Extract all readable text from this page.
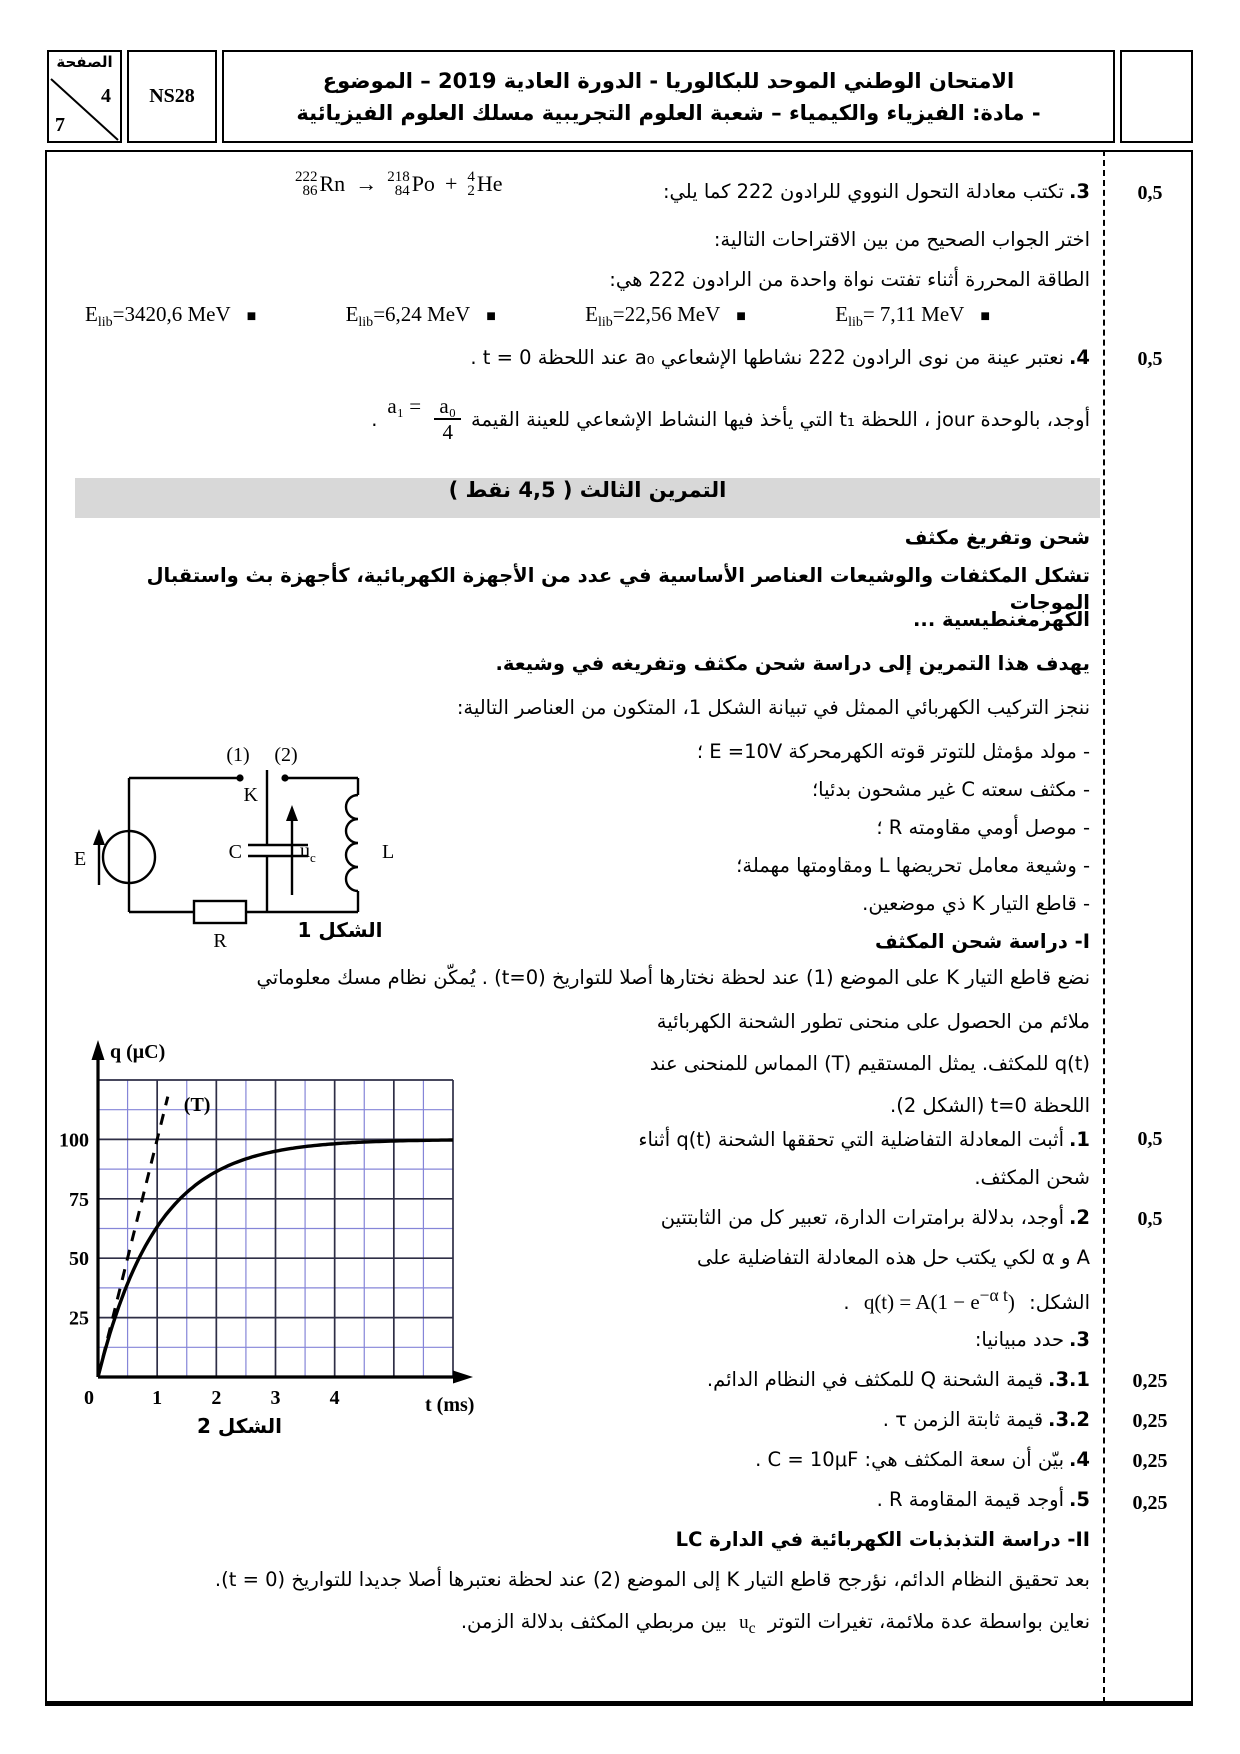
الصفحة
4
7
NS28
الامتحان الوطني الموحد للبكالوريا - الدورة العادية 2019 – الموضوع
- مادة: الفيزياء والكيمياء – شعبة العلوم التجريبية مسلك العلوم الفيزيائية
0,5
0,5
0,5
0,5
0,25
0,25
0,25
0,25
3.تكتب معادلة التحول النووي للرادون 222 كما يلي:
222
86 Rn → 218
84 Po + 4
2 He
اختر الجواب الصحيح من بين الاقتراحات التالية:
الطاقة المحررة أثناء تفتت نواة واحدة من الرادون 222 هي:
$E_{lib}=3420,6$ MeV ■	$E_{lib}=6,24$ MeV ■	$E_{lib}=22,56$ MeV ■	$E_{lib}= 7,11$ MeV ■
4.نعتبر عينة من نوى الرادون 222 نشاطها الإشعاعي a₀ عند اللحظة t = 0 .
أوجد، بالوحدة jour ، اللحظة t₁ التي يأخذ فيها النشاط الإشعاعي للعينة القيمة
$a_1 = \frac{\text{a₀}}{4}$
.
التمرين الثالث ( 4,5 نقط )
شحن وتفريغ مكثف
تشكل المكثفات والوشيعات العناصر الأساسية في عدد من الأجهزة الكهربائية، كأجهزة بث واستقبال الموجات
الكهرمغنطيسية ...
يهدف هذا التمرين إلى دراسة شحن مكثف وتفريغه في وشيعة.
ننجز التركيب الكهربائي الممثل في تبيانة الشكل 1، المتكون من العناصر التالية:
- مولد مؤمثل للتوتر قوته الكهرمحركة E =10V ؛
- مكثف سعته C غير مشحون بدئيا؛
- موصل أومي مقاومته R ؛
- وشيعة معامل تحريضها L ومقاومتها مهملة؛
- قاطع التيار K ذي موضعين.
I- دراسة شحن المكثف
نضع قاطع التيار K على الموضع (1) عند لحظة نختارها أصلا للتواريخ (t=0) . يُمكّن نظام مسك معلوماتي
ملائم من الحصول على منحنى تطور الشحنة الكهربائية
q(t) للمكثف. يمثل المستقيم (T) المماس للمنحنى عند
اللحظة t=0 (الشكل 2).
1.أثبت المعادلة التفاضلية التي تحققها الشحنة q(t) أثناء
شحن المكثف.
2.أوجد، بدلالة برامترات الدارة، تعبير كل من الثابتتين
A و α لكي يكتب حل هذه المعادلة التفاضلية على
الشكل: $q(t) = A(1 - e^{-\alpha t})$ .
3.حدد مبيانيا:
3.1.قيمة الشحنة Q للمكثف في النظام الدائم.
3.2.قيمة ثابتة الزمن τ .
4.بيّن أن سعة المكثف هي: C = 10μF .
5.أوجد قيمة المقاومة R .
II- دراسة التذبذبات الكهربائية في الدارة LC
بعد تحقيق النظام الدائم، نؤرجح قاطع التيار K إلى الموضع (2) عند لحظة نعتبرها أصلا جديدا للتواريخ (t = 0).
نعاين بواسطة عدة ملائمة، تغيرات التوتر $u_c$ بين مربطي المكثف بدلالة الزمن.
(1) (2)
K
C	$u_c$	L
E
R	الشكل 1
25
50
75
100
0	1 2 3 4
q (μC)
t (ms)
(T)
الشكل 2
